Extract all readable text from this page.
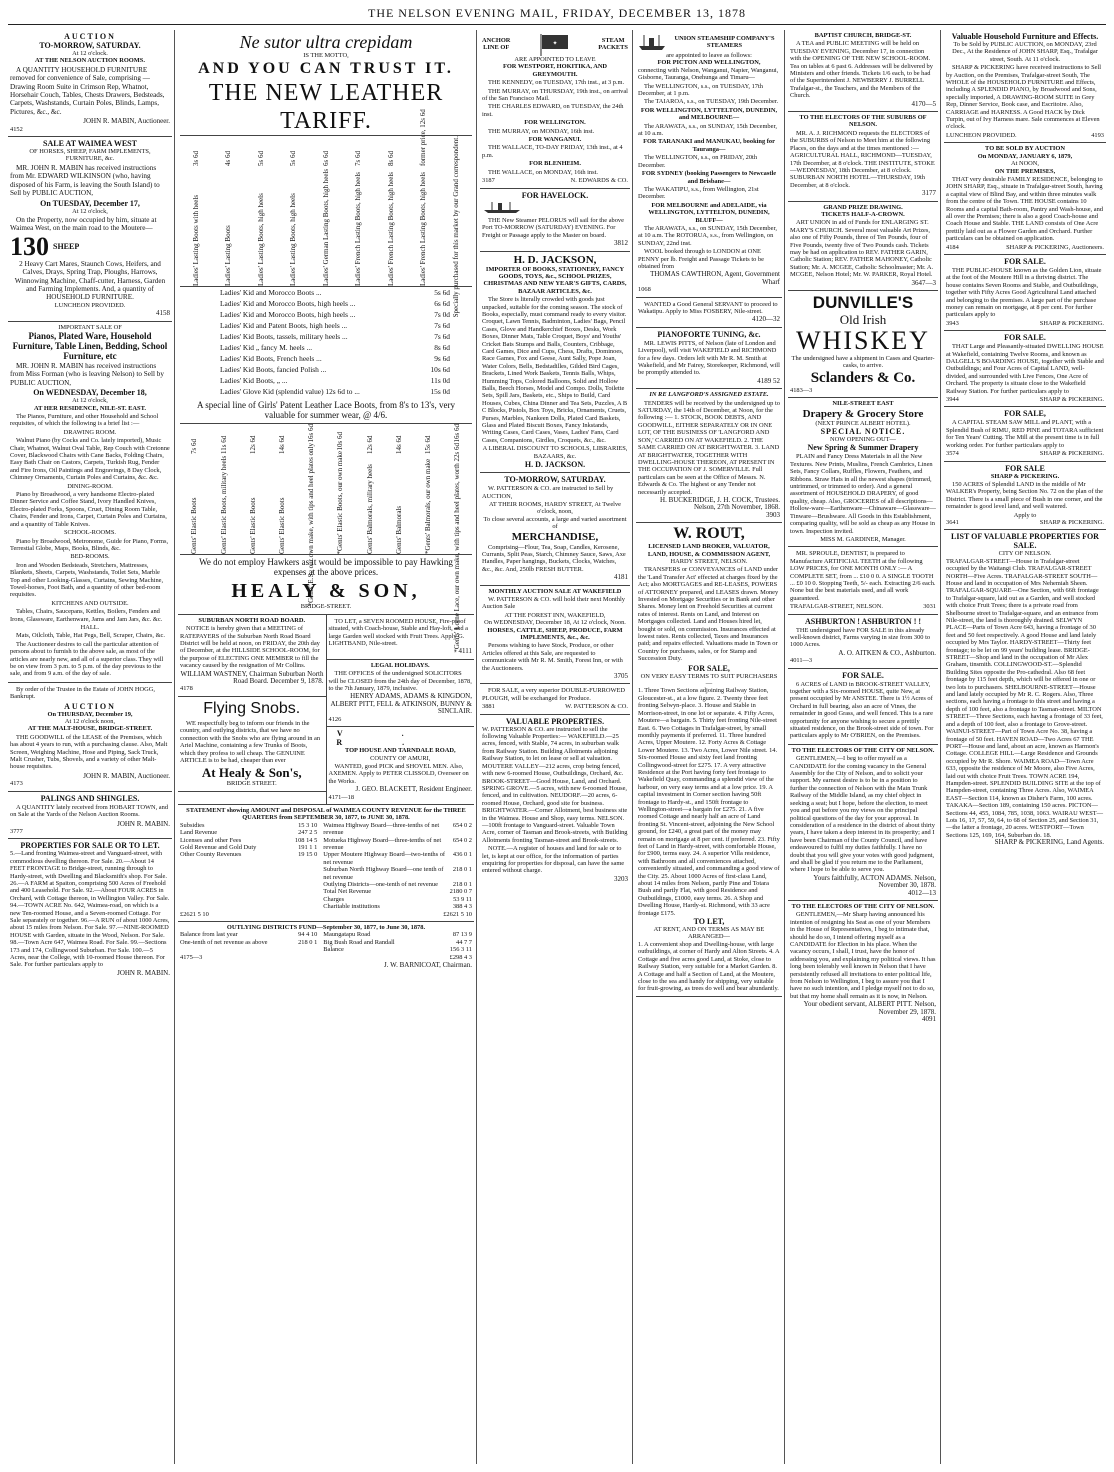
THE NELSON EVENING MAIL, FRIDAY, DECEMBER 13, 1878
AUCTION
TO-MORROW, SATURDAY.
At 12 o'clock.
AT THE NELSON AUCTION ROOMS.
A QUANTITY HOUSEHOLD FURNITURE removed for convenience of Sale, comprising — Drawing Room Suite in Crimson Rep, Whatnot, Horsehair Couch, Tables, Chests Drawers, Bedsteads, Carpets, Washstands, Curtain Poles, Blinds, Lamps, Pictures, &c., &c.
JOHN R. MABIN, Auctioneer.
4152
SALE AT WAIMEA WEST
OF HORSES, SHEEP, FARM IMPLEMENTS, FURNITURE, &c.
MR. JOHN R. MABIN has received instructions from Mr. EDWARD WILKINSON (who, having disposed of his Farm, is leaving the South Island) to Sell by PUBLIC AUCTION,
On TUESDAY, December 17,
At 12 o'clock,
On the Property, now occupied by him, situate at Waimea West, on the main road to the Moutere—
130 SHEEP
2 Heavy Cart Mares, Staunch Cows, Heifers, and Calves, Drays, Spring Trap, Ploughs, Harrows, Winnowing Machine, Chaff-cutter, Harness, Garden and Farming Implements. And, a quantity of HOUSEHOLD FURNITURE.
LUNCHEON PROVIDED.
4158
IMPORTANT SALE OF
Pianos, Plated Ware, Household Furniture, Table Linen, Bedding, School Furniture, etc
MR. JOHN R. MABIN has received instructions from Miss Forman (who is leaving Nelson) to Sell by PUBLIC AUCTION,
On WEDNESDAY, December 18,
At 12 o'clock,
AT HER RESIDENCE, NILE-ST. EAST.
The Pianos, Furniture, and other Household and School requisites, of which the following is a brief list :—
DRAWING ROOM.
Walnut Piano (by Cocks and Co. lately imported), Music Chair, Whatnot, Walnut Oval Table, Rep Couch with Cretonne Cover, Blackwood Chairs with Cane Backs, Folding Chairs, Easy Bath Chair on Castors, Carpets, Turkish Rug, Fender and Fire Irons, Oil Paintings and Engravings, 8 Day Clock, Chimney Ornaments, Curtain Poles and Curtains, &c. &c.
DINING-ROOM.
Piano by Broadwood, a very handsome Electro-plated Dinner Service and Coffee Stand, Ivory Handled Knives, Electro-plated Forks, Spoons, Cruet, Dining Room Table, Chairs, Fender and Irons, Carpet, Curtain Poles and Curtains, and a quantity of Table Knives.
SCHOOL-ROOMS.
Piano by Broadwood, Metronome, Guide for Piano, Forms, Terrestial Globe, Maps, Books, Blinds, &c.
BED-ROOMS.
Iron and Wooden Bedsteads, Stretchers, Mattresses, Blankets, Sheets, Carpets, Washstands, Toilet Sets, Marble Top and other Looking-Glasses, Curtains, Sewing Machine, Towel-horses, Foot Bath, and a quantity of other bed-room requisites.
KITCHENS AND OUTSIDE.
Tables, Chairs, Saucepans, Kettles, Boilers, Fenders and Irons, Glassware, Earthenware, Jams and Jam Jars, &c. &c.
HALL.
Mats, Oilcloth, Table, Hat Pegs, Bell, Scraper, Chairs, &c.
The Auctioneer desires to call the particular attention of persons about to furnish to the above sale, as most of the articles are nearly new, and all of a superior class. They will be on view from 3 p.m. to 5 p.m. of the day previous to the sale, and from 9 a.m. of the day of sale.
By order of the Trustee in the Estate of JOHN HOGG, Bankrupt.
AUCTION
On THURSDAY, December 19,
At 12 o'clock noon,
AT THE MALT-HOUSE, BRIDGE-STREET.
THE GOODWILL of the LEASE of the Premises, which has about 4 years to run, with a purchasing clause. Also, Malt Screen, Weighing Machine, Hose and Piping, Sack Truck, Malt Crusher, Tubs, Shovels, and a variety of other Malt-house requisites.
JOHN R. MABIN, Auctioneer.
4173
PALINGS AND SHINGLES.
A QUANTITY lately received from HOBART TOWN, and on Sale at the Yards of the Nelson Auction Rooms.
JOHN R. MABIN.
3777
PROPERTIES FOR SALE OR TO LET.
5.—Land fronting Waimea-street and Vanguard-street, with commodious dwelling thereon. For Sale. 20.—About 14 FEET FRONTAGE to Bridge-street, running through to Hardy-street, with Dwelling and Blacksmith's shop. For Sale. 26.—A FARM at Spaiton, comprising 500 Acres of Freehold and 400 Leasehold. For Sale. 92.—About FOUR ACRES in Orchard, with Cottage thereon, in Wellington Valley. For Sale. 94.—TOWN ACRE No. 642, Waimea-road, on which is a new Ten-roomed House, and a Seven-roomed Cottage. For Sale separately or together. 96.—A RUN of about 1000 Acres, about 15 miles from Nelson. For Sale. 97.—NINE-ROOMED HOUSE with Garden, situate in the Wood, Nelson. For Sale. 98.—Town Acre 647, Waimea Road. For Sale. 99.—Sections 173 and 174, Collingwood Suburban. For Sale. 100.—5 Acres, near the College, with 10-roomed House thereon. For Sale. For further particulars apply to
JOHN R. MABIN.
Ne sutor ultra crepidam
IS THE MOTTO,
AND YOU CAN TRUST IT.
THE NEW LEATHER TARIFF.
3s 6d
Ladies' Lasting Boots with heels
4s 6d
Ladies' Lasting Boots
5s 6d
Ladies' Lasting Boots, high heels
5s 6d
Ladies' Lasting Boots, high heels
6s 6d
Ladies' German Lasting Boots, high heels
7s 6d
Ladies' French Lasting Boots, high heels
8s 6d
Ladies' French Lasting Boots, high heels
former price, 12s 6d
Ladies' French Lasting Boots, high heels	Specially purchased for this market by our Grand correspondent.
Ladies' Kid and Morocco Boots ...	5s 6d
Ladies' Kid and Morocco Boots, high heels ...	6s 6d
Ladies' Kid and Morocco Boots, high heels ...	7s 0d
Ladies' Kid and Patent Boots, high heels ...	7s 6d
Ladies' Kid Boots, tassels, military heels ...	7s 6d
Ladies' Kid „ fancy M. heels ...	8s 6d
Ladies' Kid Boots, French heels ...	9s 6d
Ladies' Kid Boots, fancied Polish ...	10s 6d
Ladies' Kid Boots, „ ...	11s 0d
Ladies' Glove Kid (splendid value) 12s 6d to ...	15s 0d
A special line of Girls' Patent Leather Lace Boots, from 8's to 13's, very valuable for summer wear, @ 4/6.
7s 6d
Gents' Elastic Boots
11s 6d
Gents' Elastic Boots, military heels
12s 6d
Gents' Elastic Boots
14s 6d
Gents' Elastic Boots
16s 6d
*Gents' E.S., our own make, with tips and heel plates only
10s 6d
*Gents' Elastic Boots, our own make
12s 6d
Gents' Balmorals, military heels
14s 6d
Gents' Balmorals
15s 6d
*Gents' Balmorals, our own make
16s 6d
*Gents' Lorne Lace, our own make, with tips and heel plates, worth 22s 6d
We do not employ Hawkers as it would be impossible to pay Hawking expenses at the above prices.
HEALY & SON,
BRIDGE-STREET.
SUBURBAN NORTH ROAD BOARD.
NOTICE is hereby given that a MEETING of RATEPAYERS of the Suburban North Road Board District will be held at noon, on FRIDAY, the 20th day of December, at the HILLSIDE SCHOOL-ROOM, for the purpose of ELECTING ONE MEMBER to fill the vacancy caused by the resignation of Mr Collins.
WILLIAM WASTNEY, Chairman Suburban North Road Board. December 9, 1878.
4178
Flying Snobs.
WE respectfully beg to inform our friends in the country, and outlying districts, that we have no connection with the Snobs who are flying around in an Ariel Machine, containing a few Trunks of Boots, which they profess to sell cheap. The GENUINE ARTICLE is to be had, cheaper than ever
At Healy & Son's,
BRIDGE STREET.
TO LET, a SEVEN ROOMED HOUSE, Fire-proof situated, with Coach-house, Stable and Hay-loft, and a large Garden well stocked with Fruit Trees. Apply G. LIGHTBAND, Nile-street.
4111
LEGAL HOLIDAYS.
THE OFFICES of the undersigned SOLICITORS will be CLOSED from the 24th day of December, 1878, to the 7th January, 1879, inclusive.
HENRY ADAMS, ADAMS & KINGDON, ALBERT PITT, FELL & ATKINSON, BUNNY & SINCLAIR.
4126
V. R.
TOP HOUSE AND TARNDALE ROAD,
COUNTY OF AMURI,
WANTED, good PICK and SHOVEL MEN. Also, AXEMEN. Apply to PETER CLISSOLD, Overseer on the Works.
J. GEO. BLACKETT, Resident Engineer.
4171—18
STATEMENT showing AMOUNT and DISPOSAL of WAIMEA COUNTY REVENUE for the THREE QUARTERS from SEPTEMBER 30, 1877, to JUNE 30, 1878.
Subsidies	15 3 10
Land Revenue	247 2 5
Licenses and other Fees	108 14 5
Gold Revenue and Gold Duty	191 1 1
Other County Revenues	19 15 0
Waimea Highway Board—three-tenths of net revenue
654 0 2
Motueka Highway Board—three-tenths of net revenue
654 0 2
Upper Moutere Highway Board—two-tenths of net revenue
436 0 1
Suburban North Highway Board—one tenth of net revenue
218 0 1
Outlying Districts—one-tenth of net revenue 218 0 1
Total Net Revenue	2180 0 7
Charges	53 9 11
Charitable institutions	388 4 3
£2621 5 10	£2621 5 10
OUTLYING DISTRICTS FUND—September 30, 1877, to June 30, 1878.
Balance from last year	94 4 10
One-tenth of net revenue as above	218 0 1
Maungatapu Road	87 13 9
Big Bush Road and Randall	44 7 7
Balance	156 3 11
4175—3	£298 4 3
J. W. BARNICOAT, Chairman.
ANCHOR
LINE OF	✦
STEAM
PACKETS
ARE APPOINTED TO LEAVE
FOR WESTPORT, HOKITIKA, AND GREYMOUTH.
THE KENNEDY, on TUESDAY, 17th inst., at 3 p.m.
THE MURRAY, on THURSDAY, 19th inst., on arrival of the San Francisco Mail.
THE CHARLES EDWARD, on TUESDAY, the 24th inst.
FOR WELLINGTON.
THE MURRAY, on MONDAY, 16th inst.
FOR WANGANUI.
THE WALLACE, TO-DAY FRIDAY, 13th inst., at 4 p.m.
FOR BLENHEIM.
THE WALLACE, on MONDAY, 16th inst.
3187	N. EDWARDS & CO.
FOR HAVELOCK.
THE New Steamer PELORUS will sail for the above Port TO-MORROW (SATURDAY) EVENING. For Freight or Passage apply to the Master on board.
3812
H. D. JACKSON,
IMPORTER OF BOOKS, STATIONERY, FANCY GOODS, TOYS, &c., SCHOOL PRIZES, CHRISTMAS AND NEW YEAR'S GIFTS, CARDS, BAZAAR ARTICLES, &c.
The Store is literally crowded with goods just unpacked, suitable for the coming season. The stock of Books, especially, must command ready to every visitor. Croquet, Lawn Tennis, Badminton, Ladies' Bags, Pencil Cases, Glove and Handkerchief Boxes, Desks, Work Boxes, Dinner Mats, Table Croquet, Boys' and Youths' Cricket Bats Stumps and Balls, Counters, Cribbage, Card Games, Dice and Cups, Chess, Drafts, Dominoes, Race Games, Fox and Geese, Aunt Sally, Pope Joan, Water Colors, Bells, Bedstadilles, Gilded Bird Cages, Brackets, Lined Work Baskets, Tennis Balls, Whips, Humming Tops, Colored Balloons, Solid and Hollow Balls, Beech Horses, Model and Compo. Dolls, Toilette Sets, Spill Jars, Baskets, etc., Ships to Build, Card Houses, Cubes, China Dinner and Tea Sets, Puzzles, A B C Blocks, Pistols, Box Toys, Bricks, Ornaments, Cruets, Purses, Marbles, Nankeen Dolls, Plated Card Baskets, Glass and Plated Biscuit Boxes, Fancy Inkstands, Writing Cases, Card Cases, Vases, Ladies' Fans, Card Cases, Companions, Girdles, Croquets, &c., &c.
A LIBERAL DISCOUNT TO SCHOOLS, LIBRARIES, BAZAARS, &c.
H. D. JACKSON.
TO-MORROW, SATURDAY.
W. PATTERSON & CO. are instructed to Sell by AUCTION,
AT THEIR ROOMS, HARDY STREET, At Twelve o'clock, noon,
To close several accounts, a large and varied assortment of
MERCHANDISE,
Comprising—Flour, Tea, Soap, Candles, Kerosene, Currants, Split Peas, Starch, Chimney Sauce, Saws, Axe Handles, Paper hangings, Buckets, Clocks, Watches, &c., &c. And, 250lb FRESH BUTTER.
4181
MONTHLY AUCTION SALE AT WAKEFIELD
W. PATTERSON & CO. will hold their next Monthly Auction Sale
AT THE FOREST INN, WAKEFIELD,
On WEDNESDAY, December 18, At 12 o'clock, Noon.
HORSES, CATTLE, SHEEP, PRODUCE, FARM IMPLEMENTS, &c., &c.
Persons wishing to have Stock, Produce, or other Articles offered at this Sale, are requested to communicate with Mr R. M. Smith, Forest Inn, or with the Auctioneers.
3705
FOR SALE, a very superior DOUBLE-FURROWED PLOUGH, will be exchanged for Produce.
3881	W. PATTERSON & CO.
VALUABLE PROPERTIES.
W. PATTERSON & CO. are instructed to sell the following Valuable Properties:— WAKEFIELD.—25 acres, fenced, with Stable, 74 acres, in suburban walk from Railway Station. Building Allotments adjoining Railway Station, to let on lease or sell at valuation. MOUTERE VALLEY—212 acres, crop being fenced, with new 6-roomed House, Outbuildings, Orchard, &c. BROOK-STREET—Good House, Land, and Orchard. SPRING GROVE.—5 acres, with new 6-roomed House, fenced, and in cultivation. NEUDORF.—20 acres, 6-roomed House, Orchard, good site for business. BRIGHTWATER.—Corner Allotment, best business site in the Waimea. House and Shop, easy terms. NELSON.—100ft frontage to Vanguard-street. Valuable Town Acre, corner of Tasman and Brook-streets, with Building Allotments fronting Tasman-street and Brook-streets.
NOTE.—A register of houses and land for sale or to let, is kept at our office, for the information of parties enquiring for properties for disposal, can have the same entered without charge.
3203
UNION STEAMSHIP COMPANY'S STEAMERS
are appointed to leave as follows:
FOR PICTON AND WELLINGTON,
connecting with Nelson, Wanganui, Napier, Wanganui, Gisborne, Tauranga, Onehunga and Timaru—
The WELLINGTON, s.s., on TUESDAY, 17th December, at 1 p.m.
The TAIAROA, s.s., on TUESDAY, 19th December.
FOR WELLINGTON, LYTTELTON, DUNEDIN, and MELBOURNE—
The ARAWATA, s.s., on SUNDAY, 15th December, at 10 a.m.
FOR TARANAKI and MANUKAU, booking for Tauranga—
The WELLINGTON, s.s., on FRIDAY, 20th December.
FOR SYDNEY (booking Passengers to Newcastle and Brisbane—
The WAKATIPU, s.s., from Wellington, 21st December.
FOR MELBOURNE and ADELAIDE, via WELLINGTON, LYTTELTON, DUNEDIN, BLUFF—
The ARAWATA, s.s., on SUNDAY, 15th December, at 10 a.m. The ROTORUA, s.s., from Wellington, on SUNDAY, 22nd inst.
WOOL booked through to LONDON at ONE PENNY per lb. Freight and Passage Tickets to be obtained from
THOMAS CAWTHRON, Agent, Government Wharf
1068
WANTED a Good General SERVANT to proceed to Wakatipu. Apply to Miss FOSBERY, Nile-street.
4120—32
PIANOFORTE TUNING, &c.
MR. LEWIS PITTS, of Nelson (late of London and Liverpool), will visit WAKEFIELD and RICHMOND for a few days. Orders left with Mr R. M. Smith at Wakefield, and Mr Fairey, Storekeeper, Richmond, will be promptly attended to.
4189 52
IN RE LANGFORD'S ASSIGNED ESTATE.
TENDERS will be received by the undersigned up to SATURDAY, the 14th of December, at Noon, for the following :— 1. STOCK, BOOK DEBTS, AND GOODWILL, EITHER SEPARATELY OR IN ONE LOT, OF THE BUSINESS OF 'LANGFORD AND SON,' CARRIED ON AT WAKEFIELD. 2. THE SAME CARRIED ON AT BRIGHTWATER. 3. LAND AT BRIGHTWATER, TOGETHER WITH DWELLING-HOUSE THEREON, AT PRESENT IN THE OCCUPATION OF J. SOMERVILLE. Full particulars can be seen at the Office of Messrs. N. Edwards & Co. The highest or any Tender not necessarily accepted.
H. BUCKERIDGE, J. H. COCK, Trustees. Nelson, 27th November, 1868.
3903
W. ROUT,
LICENSED LAND BROKER, VALUATOR, LAND, HOUSE, & COMMISSION AGENT,
HARDY STREET, NELSON.
TRANSFERS or CONVEYANCES of LAND under the 'Land Transfer Act' effected at charges fixed by the Act; also MORTGAGES and RE-LEASES, POWERS of ATTORNEY prepared, and LEASES drawn. Money Invested on Mortgage Securities or in Bank and other Shares. Money lent on Freehold Securities at current rates of interest. Rents on Land, and Interest on Mortgages collected. Land and Houses hired let, bought or sold, on commission. Insurances effected at lowest rates. Rents collected, Taxes and Insurances paid; and repairs effected. Valuations made in Town or Country for purchases, sales, or for Stamp and Succession Duty.
FOR SALE,
ON VERY EASY TERMS TO SUIT PURCHASERS—
1. Three Town Sections adjoining Railway Station, Gloucester-st., at a low figure. 2. Twenty three feet fronting Selwyn-place. 3. House and Stable in Morrison-street, in one lot or separate. 4. Fifty Acres, Moutere—a bargain. 5. Thirty feet fronting Nile-street East. 6. Two Cottages in Trafalgar-street, by small monthly payments if preferred. 11. Three hundred Acres, Upper Moutere. 12. Forty Acres & Cottage Lower Moutere. 13. Two Acres, Lower Nile street. 14. Six-roomed House and sixty feet land fronting Collingwood-street for £275. 17. A very attractive Residence at the Port having forty feet frontage to Wakefield Quay, commanding a splendid view of the harbour, on very easy terms and at a low price. 19. A capital investment in Corner section having 50ft frontage to Hardy-st., and 150ft frontage to Wellington-street—a bargain for £275. 21. A five roomed Cottage and nearly half an acre of Land fronting St. Vincent-street, adjoining the New School ground, for £240, a great part of the money may remain on mortgage at 8 per cent. if preferred. 23. Fifty feet of Land in Hardy-street, with comfortable House, for £900, terms easy. 24. A superior Villa residence, with Bathroom and all conveniences attached, conveniently situated, and commanding a good view of the City. 25. About 1000 Acres of first-class Land, about 14 miles from Nelson, partly Pine and Totara Bush and partly Flat, with good Residence and Outbuildings, £1000, easy terms. 26. A Shop and Dwelling House, Hardy-st. Richmond, with 33 acre frontage £175.
TO LET,
AT RENT, AND ON TERMS AS MAY BE ARRANGED—
1. A convenient shop and Dwelling-house, with large outbuildings, at corner of Hardy and Alton Streets. 4. A Cottage and five acres good Land, at Stoke, close to Railway Station, very suitable for a Market Garden. 8. A Cottage and half a Section of Land, at the Moutere, close to the sea and handy for shipping, very suitable for fruit-growing, as trees do well and bear abundantly.
BAPTIST CHURCH, BRIDGE-ST.
A TEA and PUBLIC MEETING will be held on TUESDAY EVENING, December 17, in connection with the OPENING OF THE NEW SCHOOL-ROOM. Tea on tables at 6 past 6. Addresses will be delivered by Ministers and other friends. Tickets 1/6 each, to be had of the Superintendent J. NEWBERRY J. BURRELL Trafalgar-st., the Teachers, and the Members of the Church.
4170—5
TO THE ELECTORS OF THE SUBURBS OF NELSON.
MR. A. J. RICHMOND requests the ELECTORS of the SUBURBS of Nelson to Meet him at the following Places, on the days and at the times mentioned :— AGRICULTURAL HALL, RICHMOND—TUESDAY, 17th December, at 8 o'clock. THE INSTITUTE, STOKE—WEDNESDAY, 18th December, at 8 o'clock. SUBURBAN NORTH HOTEL—THURSDAY, 19th December, at 8 o'clock.
3177
GRAND PRIZE DRAWING.
TICKETS HALF-A-CROWN.
ART UNION in aid of Funds for ENLARGING ST. MARY'S CHURCH. Several most valuable Art Prizes, also one of Fifty Pounds, three of Ten Pounds, four of Five Pounds, twenty five of Two Pounds cash. Tickets may be had on application to REV. FATHER GARIN, Catholic Station; REV. FATHER MAHONEY, Catholic Station; Mr. A. MCGEE, Catholic Schoolmaster; Mr. A. MCGEE, Nelson Hotel; Mr. W. PARKER, Royal Hotel.
3647—3
DUNVILLE'S
Old Irish
WHISKEY
The undersigned have a shipment in Cases and Quarter-casks, to arrive.
Sclanders & Co.
4183—3
NILE-STREET EAST
Drapery & Grocery Store
(NEXT PRINCE ALBERT HOTEL).
SPECIAL NOTICE.
NOW OPENING OUT—
New Spring & Summer Drapery
PLAIN and Fancy Dress Materials in all the New Textures. New Prints, Muslins, French Cambrics, Linen Sets, Fancy Collars, Ruffles, Flowers, Feathers, and Ribbons. Straw Hats in all the newest shapes (trimmed, untrimmed, or trimmed to order). And a general assortment of HOUSEHOLD DRAPERY, of good quality, cheap. Also, GROCERIES of all descriptions—Hollow-ware—Earthenware—Chinaware—Glassware—Tinware—Brushware. All Goods in this Establishment, comparing quality, will be sold as cheap as any House in town. Inspection invited.
MISS M. GARDINER, Manager.
MR. SPROULE, DENTIST, is prepared to Manufacture ARTIFICIAL TEETH at the following LOW PRICES, for ONE MONTH ONLY :— A COMPLETE SET, from ... £10 0 0. A SINGLE TOOTH ... £0 10 0. Stopping Teeth, 5/- each. Extracting 2/6 each. None but the best materials used, and all work guaranteed.
TRAFALGAR-STREET, NELSON.	3031
ASHBURTON ! ASHBURTON ! !
THE undersigned have FOR SALE in this already well-known district, Farms varying in size from 300 to 1000 Acres.
A. O. AITKEN & CO., Ashburton.
4011—3
FOR SALE.
6 ACRES of LAND in BROOK-STREET VALLEY, together with a Six-roomed HOUSE, quite New, at present occupied by Mr ANSTEE. There is 1½ Acres of Orchard in full bearing, also an acre of Vines, the remainder in good Grass, and well fenced. This is a rare opportunity for anyone wishing to secure a prettily situated residence, on the Brook-street side of town. For particulars apply to Mr O'BRIEN, on the Premises.
TO THE ELECTORS OF THE CITY OF NELSON.
GENTLEMEN,—I beg to offer myself as a CANDIDATE for the coming vacancy in the General Assembly for the City of Nelson, and to solicit your support. My earnest desire is to be in a position to further the connection of Nelson with the Main Trunk Railway of the Middle Island, as my chief object in seeking a seat; but I hope, before the election, to meet you and put before you my views on the principal political questions of the day for your approval. In consideration of a residence in the district of about thirty years, I have taken a deep interest in its prosperity; and I have been Chairman of the County Council, and have endeavoured to fulfil my duties faithfully. I have no doubt that you will give your votes with good judgment, and shall be glad if you return me to the Parliament, where I hope to be able to serve you.
Yours faithfully, ACTON ADAMS. Nelson, November 30, 1878.
4012—13
TO THE ELECTORS OF THE CITY OF NELSON.
GENTLEMEN,—Mr Sharp having announced his intention of resigning his Seat as one of your Members in the House of Representatives, I beg to intimate that, should he do so, I intend offering myself as a CANDIDATE for Election in his place. When the vacancy occurs, I shall, I trust, have the honor of addressing you, and explaining my political views. It has long been tolerably well known in Nelson that I have persistently refused all invitations to enter political life, from Nelson to Wellington, I beg to assure you that I have no such intention, and I pledge myself not to do so, but that my home shall remain as it is now, in Nelson.
Your obedient servant, ALBERT PITT. Nelson, November 29, 1878.
4091
Valuable Household Furniture and Effects.
To be Sold by PUBLIC AUCTION, on MONDAY, 23rd Dec., At the Residence of JOHN SHARP, Esq., Trafalgar street, South. At 11 o'clock.
SHARP & PICKERING have received instructions to Sell by Auction, on the Premises, Trafalgar-street South, The WHOLE of the HOUSEHOLD FURNITURE and Effects, including A SPLENDID PIANO, by Broadwood and Sons, specially imported, A DRAWING-ROOM SUITE in Grey Rep, Dinner Service, Book case, and Escritoire. Also, CARRIAGE and HARNESS. A Good HACK by Dick Turpin, out of Ivy Harness mare. Sale commences at Eleven o'clock.
LUNCHEON PROVIDED.	4193
TO BE SOLD BY AUCTION
On MONDAY, JANUARY 6, 1879,
At NOON,
ON THE PREMISES,
THAT very desirable FAMILY RESIDENCE, belonging to JOHN SHARP, Esq., situate in Trafalgar-street South, having a capital view of Blind Bay, and within three minutes walk from the centre of the Town. THE HOUSE contains 10 Rooms and a capital Bath-room, Pantry and Wash-house, and all over the Premises; there is also a good Coach-house and Coach House and Stable. THE LAND consists of One Acre prettily laid out as a Flower Garden and Orchard. Further particulars can be obtained on application.
4184	SHARP & PICKERING, Auctioneers.
FOR SALE.
THE PUBLIC-HOUSE known as the Golden Lion, situate at the foot of the Moutere Hill in a thriving district. The house contains Seven Rooms and Stable, and Outbuildings, together with Fifty Acres Good Agricultural Land attached and belonging to the premises. A large part of the purchase money can remain on mortgage, at 8 per cent. For further particulars apply to
3943	SHARP & PICKERING.
FOR SALE.
THAT Large and Pleasantly-situated DWELLING HOUSE at Wakefield, containing Twelve Rooms, and known as DALGELL'S BOARDING HOUSE, together with Stable and Outbuildings; and Four Acres of Capital LAND, well-divided, and surrounded with Live Fences, One Acre of Orchard. The property is situate close to the Wakefield Railway Station. For further particulars apply to
3944	SHARP & PICKERING.
FOR SALE,
A CAPITAL STEAM SAW MILL and PLANT, with a Splendid Bush of RIMU, RED PINE and TOTARA sufficient for Ten Years' Cutting. The Mill at the present time is in full working order. For further particulars apply to
3574	SHARP & PICKERING.
FOR SALE
SHARP & PICKERING.
150 ACRES of Splendid LAND in the middle of Mr WALKER's Property, being Section No. 72 on the plan of the District. There is a small piece of Bush in one corner, and the remainder is good level land, and well watered.
Apply to
3641	SHARP & PICKERING.
LIST OF VALUABLE PROPERTIES FOR SALE.
CITY OF NELSON.
TRAFALGAR-STREET—House in Trafalgar-street occupied by the Waitangi Club. TRAFALGAR-STREET NORTH—Five Acres. TRAFALGAR-STREET SOUTH—House and land in occupation of Mrs Nehemiah Sheen. TRAFALGAR-SQUARE—One Section, with 66ft frontage to Trafalgar-square, laid out as a Garden, and well stocked with choice Fruit Trees; there is a private road from Shelbourne street to Trafalgar-square, and an entrance from Nile-street, the land is thoroughly drained. SELWYN PLACE—Parts of Town Acre 643, having a frontage of 30 feet and 50 feet respectively. A good House and land lately occupied by Mrs Taylor. HARDY-STREET—Thirty feet frontage; to be let on 99 years' building lease. BRIDGE-STREET—Shop and land in the occupation of Mr Alex Graham, tinsmith. COLLINGWOOD-ST.—Splendid Building Sites opposite the Pro-cathedral. Also 68 feet frontage by 115 feet depth, which will be offered in one or two lots to purchasers. SHELBOURNE-STREET—House and land lately occupied by Mr R. C. Rogers. Also, Three sections, each having a frontage to this street and having a depth of 100 feet, also a frontage to Tasman-street. MILTON STREET—Three Sections, each having a frontage of 33 feet, and a depth of 100 feet, also a frontage to Grove-street. WAINUI-STREET—Part of Town Acre No. 38, having a frontage of 50 feet. HAVEN ROAD—Two Acres 67 THE PORT—House and land, about an acre, known as Harmon's Cottage. COLLEGE HILL—Large Residence and Grounds occupied by Mr R. Shore. WAIMEA ROAD—Town Acre 633, opposite the residence of Mr Moore, also Five Acres, laid out with choice Fruit Trees. TOWN ACRE 194, Hampden-street. SPLENDID BUILDING SITE at the top of Hampden-street, containing Three Acres. Also, WAIMEA EAST—Section 114, known as Disher's Farm, 100 acres. TAKAKA—Section 189, containing 150 acres. PICTON—Sections 44, 455, 1084, 785, 1038, 1063. WAIRAU WEST—Lots 16, 17, 57, 59, 64, to 68 of Section 25, and Section 31,—the latter a frontage, 20 acres. WESTPORT—Town Sections 125, 169, 164, Suburban do. 18.
SHARP & PICKERING, Land Agents.
